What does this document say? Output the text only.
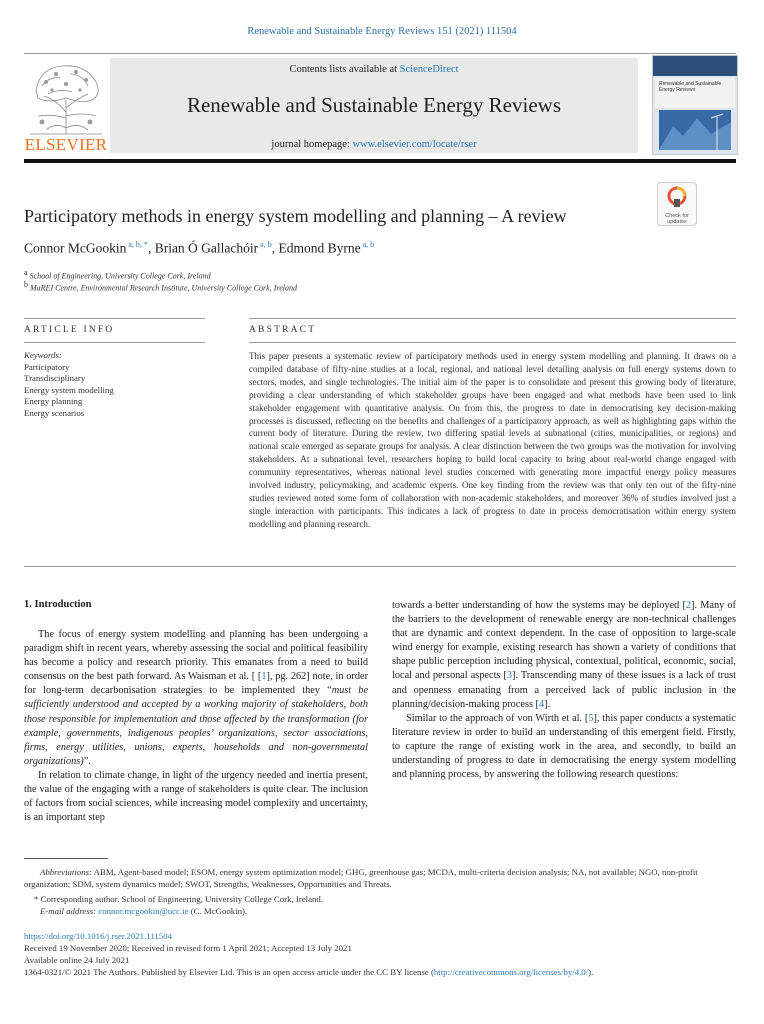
Renewable and Sustainable Energy Reviews 151 (2021) 111504
ELSEVIER
Contents lists available at ScienceDirect
Renewable and Sustainable Energy Reviews
journal homepage: www.elsevier.com/locate/rser
Renewable and Sustainable Energy Reviews
Check for updates
Participatory methods in energy system modelling and planning – A review
Connor McGookin $^{a, b, *}$, Brian Ó Gallachóir $^{a, b}$, Edmond Byrne $^{a, b}$
$^a$ School of Engineering, University College Cork, Ireland
$^b$ MaREI Centre, Environmental Research Institute, University College Cork, Ireland
ARTICLE INFO	ABSTRACT
Keywords:
Participatory
Transdisciplinary
Energy system modelling
Energy planning
Energy scenarios
This paper presents a systematic review of participatory methods used in energy system modelling and planning. It draws on a compiled database of fifty-nine studies at a local, regional, and national level detailing analysis on full energy systems down to sectors, modes, and single technologies. The initial aim of the paper is to consolidate and present this growing body of literature, providing a clear understanding of which stakeholder groups have been engaged and what methods have been used to link stakeholder engagement with quantitative analysis. On from this, the progress to date in democratising key decision-making processes is discussed, reflecting on the benefits and challenges of a participatory approach, as well as highlighting gaps within the current body of literature. During the review, two differing spatial levels at subnational (cities, municipalities, or regions) and national scale emerged as separate groups for analysis. A clear distinction between the two groups was the motivation for involving stakeholders. At a subnational level, researchers hoping to build local capacity to bring about real-world change engaged with community representatives, whereas national level studies concerned with generating more impactful energy policy measures involved industry, policymaking, and academic experts. One key finding from the review was that only ten out of the fifty-nine studies reviewed noted some form of collaboration with non-academic stakeholders, and moreover 36% of studies involved just a single interaction with participants. This indicates a lack of progress to date in process democratisation within energy system modelling and planning research.
1. Introduction

The focus of energy system modelling and planning has been undergoing a paradigm shift in recent years, whereby assessing the social and political feasibility has become a policy and research priority. This emanates from a need to build consensus on the best path forward. As Waisman et al. [ [1], pg. 262] note, in order for long-term decarbonisation strategies to be implemented they “must be sufficiently understood and accepted by a working majority of stakeholders, both those responsible for implementation and those affected by the transformation (for example, governments, indigenous peoples’ organizations, sector associations, firms, energy utilities, unions, experts, households and non-governmental organizations)”.

In relation to climate change, in light of the urgency needed and inertia present, the value of the engaging with a range of stakeholders is quite clear. The inclusion of factors from social sciences, while increasing model complexity and uncertainty, is an important step

towards a better understanding of how the systems may be deployed [2]. Many of the barriers to the development of renewable energy are non-technical challenges that are dynamic and context dependent. In the case of opposition to large-scale wind energy for example, existing research has shown a variety of conditions that shape public perception including physical, contextual, political, economic, social, local and personal aspects [3]. Transcending many of these issues is a lack of trust and openness emanating from a perceived lack of public inclusion in the planning/decision-making process [4].

Similar to the approach of von Wirth et al. [5], this paper conducts a systematic literature review in order to build an understanding of this emergent field. Firstly, to capture the range of existing work in the area, and secondly, to build an understanding of progress to date in democratising the energy system modelling and planning process, by answering the following research questions:

Abbreviations: ABM, Agent-based model; ESOM, energy system optimization model; GHG, greenhouse gas; MCDA, multi-criteria decision analysis; NA, not available; NGO, non-profit organization; SDM, system dynamics model; SWOT, Strengths, Weaknesses, Opportunities and Threats.
* Corresponding author. School of Engineering, University College Cork, Ireland.
E-mail address: connor.mcgookin@ucc.ie (C. McGookin).
https://doi.org/10.1016/j.rser.2021.111504
Received 19 November 2020; Received in revised form 1 April 2021; Accepted 13 July 2021
Available online 24 July 2021
1364-0321/© 2021 The Authors. Published by Elsevier Ltd. This is an open access article under the CC BY license (http://creativecommons.org/licenses/by/4.0/).
